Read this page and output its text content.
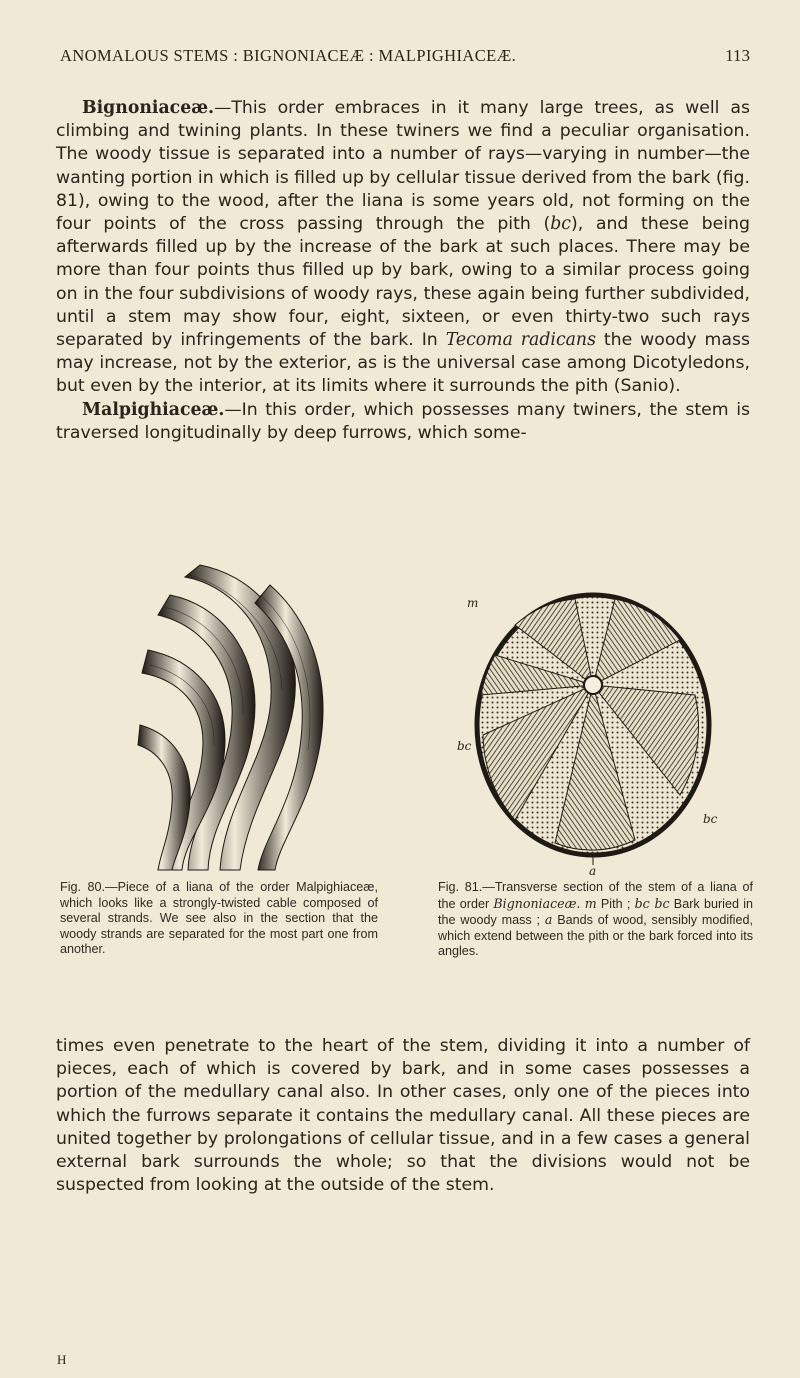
ANOMALOUS STEMS : BIGNONIACEÆ : MALPIGHIACEÆ.	113

Bignoniaceæ.—This order embraces in it many large trees, as well as climbing and twining plants. In these twiners we find a peculiar organisation. The woody tissue is separated into a number of rays—varying in number—the wanting portion in which is filled up by cellular tissue derived from the bark (fig. 81), owing to the wood, after the liana is some years old, not forming on the four points of the cross passing through the pith (bc), and these being afterwards filled up by the increase of the bark at such places. There may be more than four points thus filled up by bark, owing to a similar process going on in the four subdivisions of woody rays, these again being further subdivided, until a stem may show four, eight, sixteen, or even thirty-two such rays separated by infringements of the bark. In Tecoma radicans the woody mass may increase, not by the exterior, as is the universal case among Dicotyledons, but even by the interior, at its limits where it surrounds the pith (Sanio).

Malpighiaceæ.—In this order, which possesses many twiners, the stem is traversed longitudinally by deep furrows, which some-

m
bc
bc
a

Fig. 80.—Piece of a liana of the order Malpighiaceæ, which looks like a strongly-twisted cable composed of several strands. We see also in the section that the woody strands are separated for the most part one from another.

Fig. 81.—Transverse section of the stem of a liana of the order Bignoniaceæ. m Pith ; bc bc Bark buried in the woody mass ; a Bands of wood, sensibly modified, which extend between the pith or the bark forced into its angles.

times even penetrate to the heart of the stem, dividing it into a number of pieces, each of which is covered by bark, and in some cases possesses a portion of the medullary canal also. In other cases, only one of the pieces into which the furrows separate it contains the medullary canal. All these pieces are united together by prolongations of cellular tissue, and in a few cases a general external bark surrounds the whole; so that the divisions would not be suspected from looking at the outside of the stem.

H
